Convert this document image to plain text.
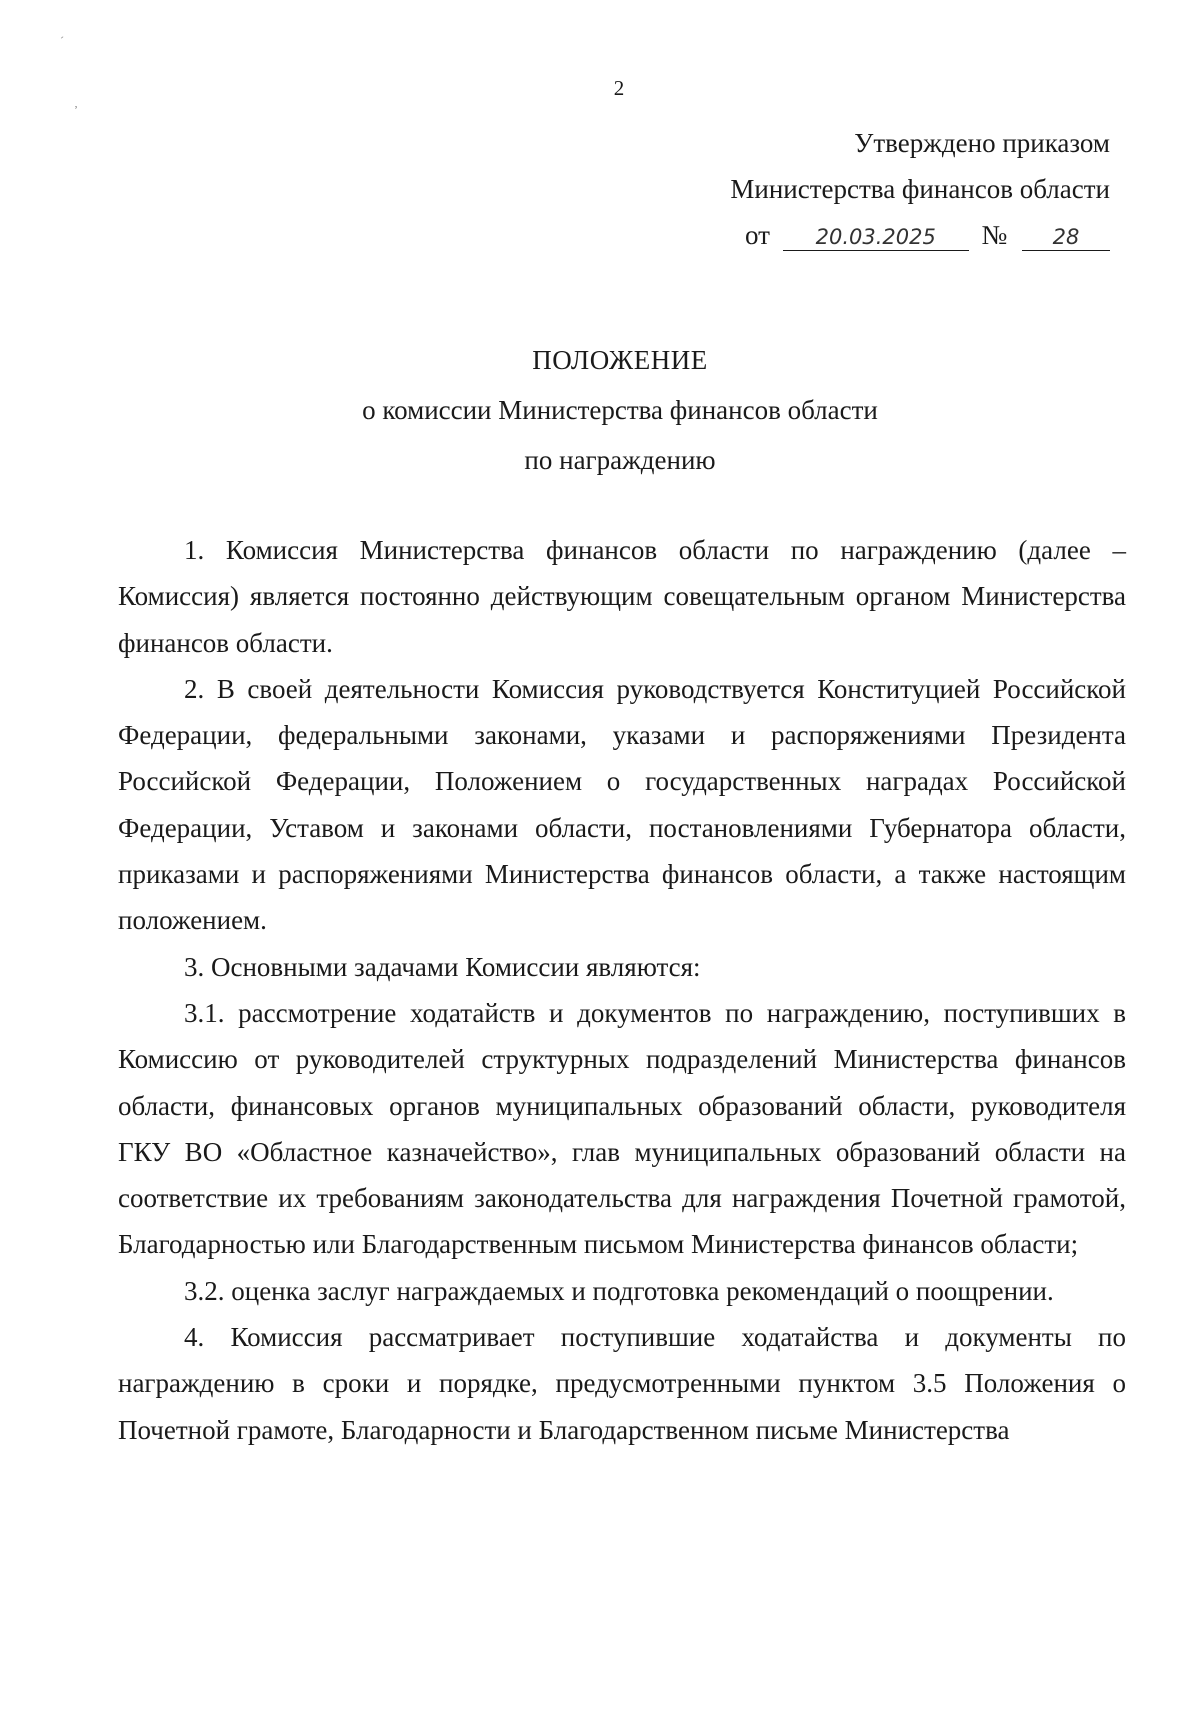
´
‚
2
Утверждено приказом
Министерства финансов области
от 20.03.2025 № 28
ПОЛОЖЕНИЕ
о комиссии Министерства финансов области
по награждению

1. Комиссия Министерства финансов области по награждению (далее – Комиссия) является постоянно действующим совещательным органом Министерства финансов области.

2. В своей деятельности Комиссия руководствуется Конституцией Российской Федерации, федеральными законами, указами и распоряжениями Президента Российской Федерации, Положением о государственных наградах Российской Федерации, Уставом и законами области, постановлениями Губернатора области, приказами и распоряжениями Министерства финансов области, а также настоящим положением.

3. Основными задачами Комиссии являются:

3.1. рассмотрение ходатайств и документов по награждению, поступивших в Комиссию от руководителей структурных подразделений Министерства финансов области, финансовых органов муниципальных образований области, руководителя ГКУ ВО «Областное казначейство», глав муниципальных образований области на соответствие их требованиям законодательства для награждения Почетной грамотой, Благодарностью или Благодарственным письмом Министерства финансов области;

3.2. оценка заслуг награждаемых и подготовка рекомендаций о поощрении.

4. Комиссия рассматривает поступившие ходатайства и документы по награждению в сроки и порядке, предусмотренными пунктом 3.5 Положения о Почетной грамоте, Благодарности и Благодарственном письме Министерства
